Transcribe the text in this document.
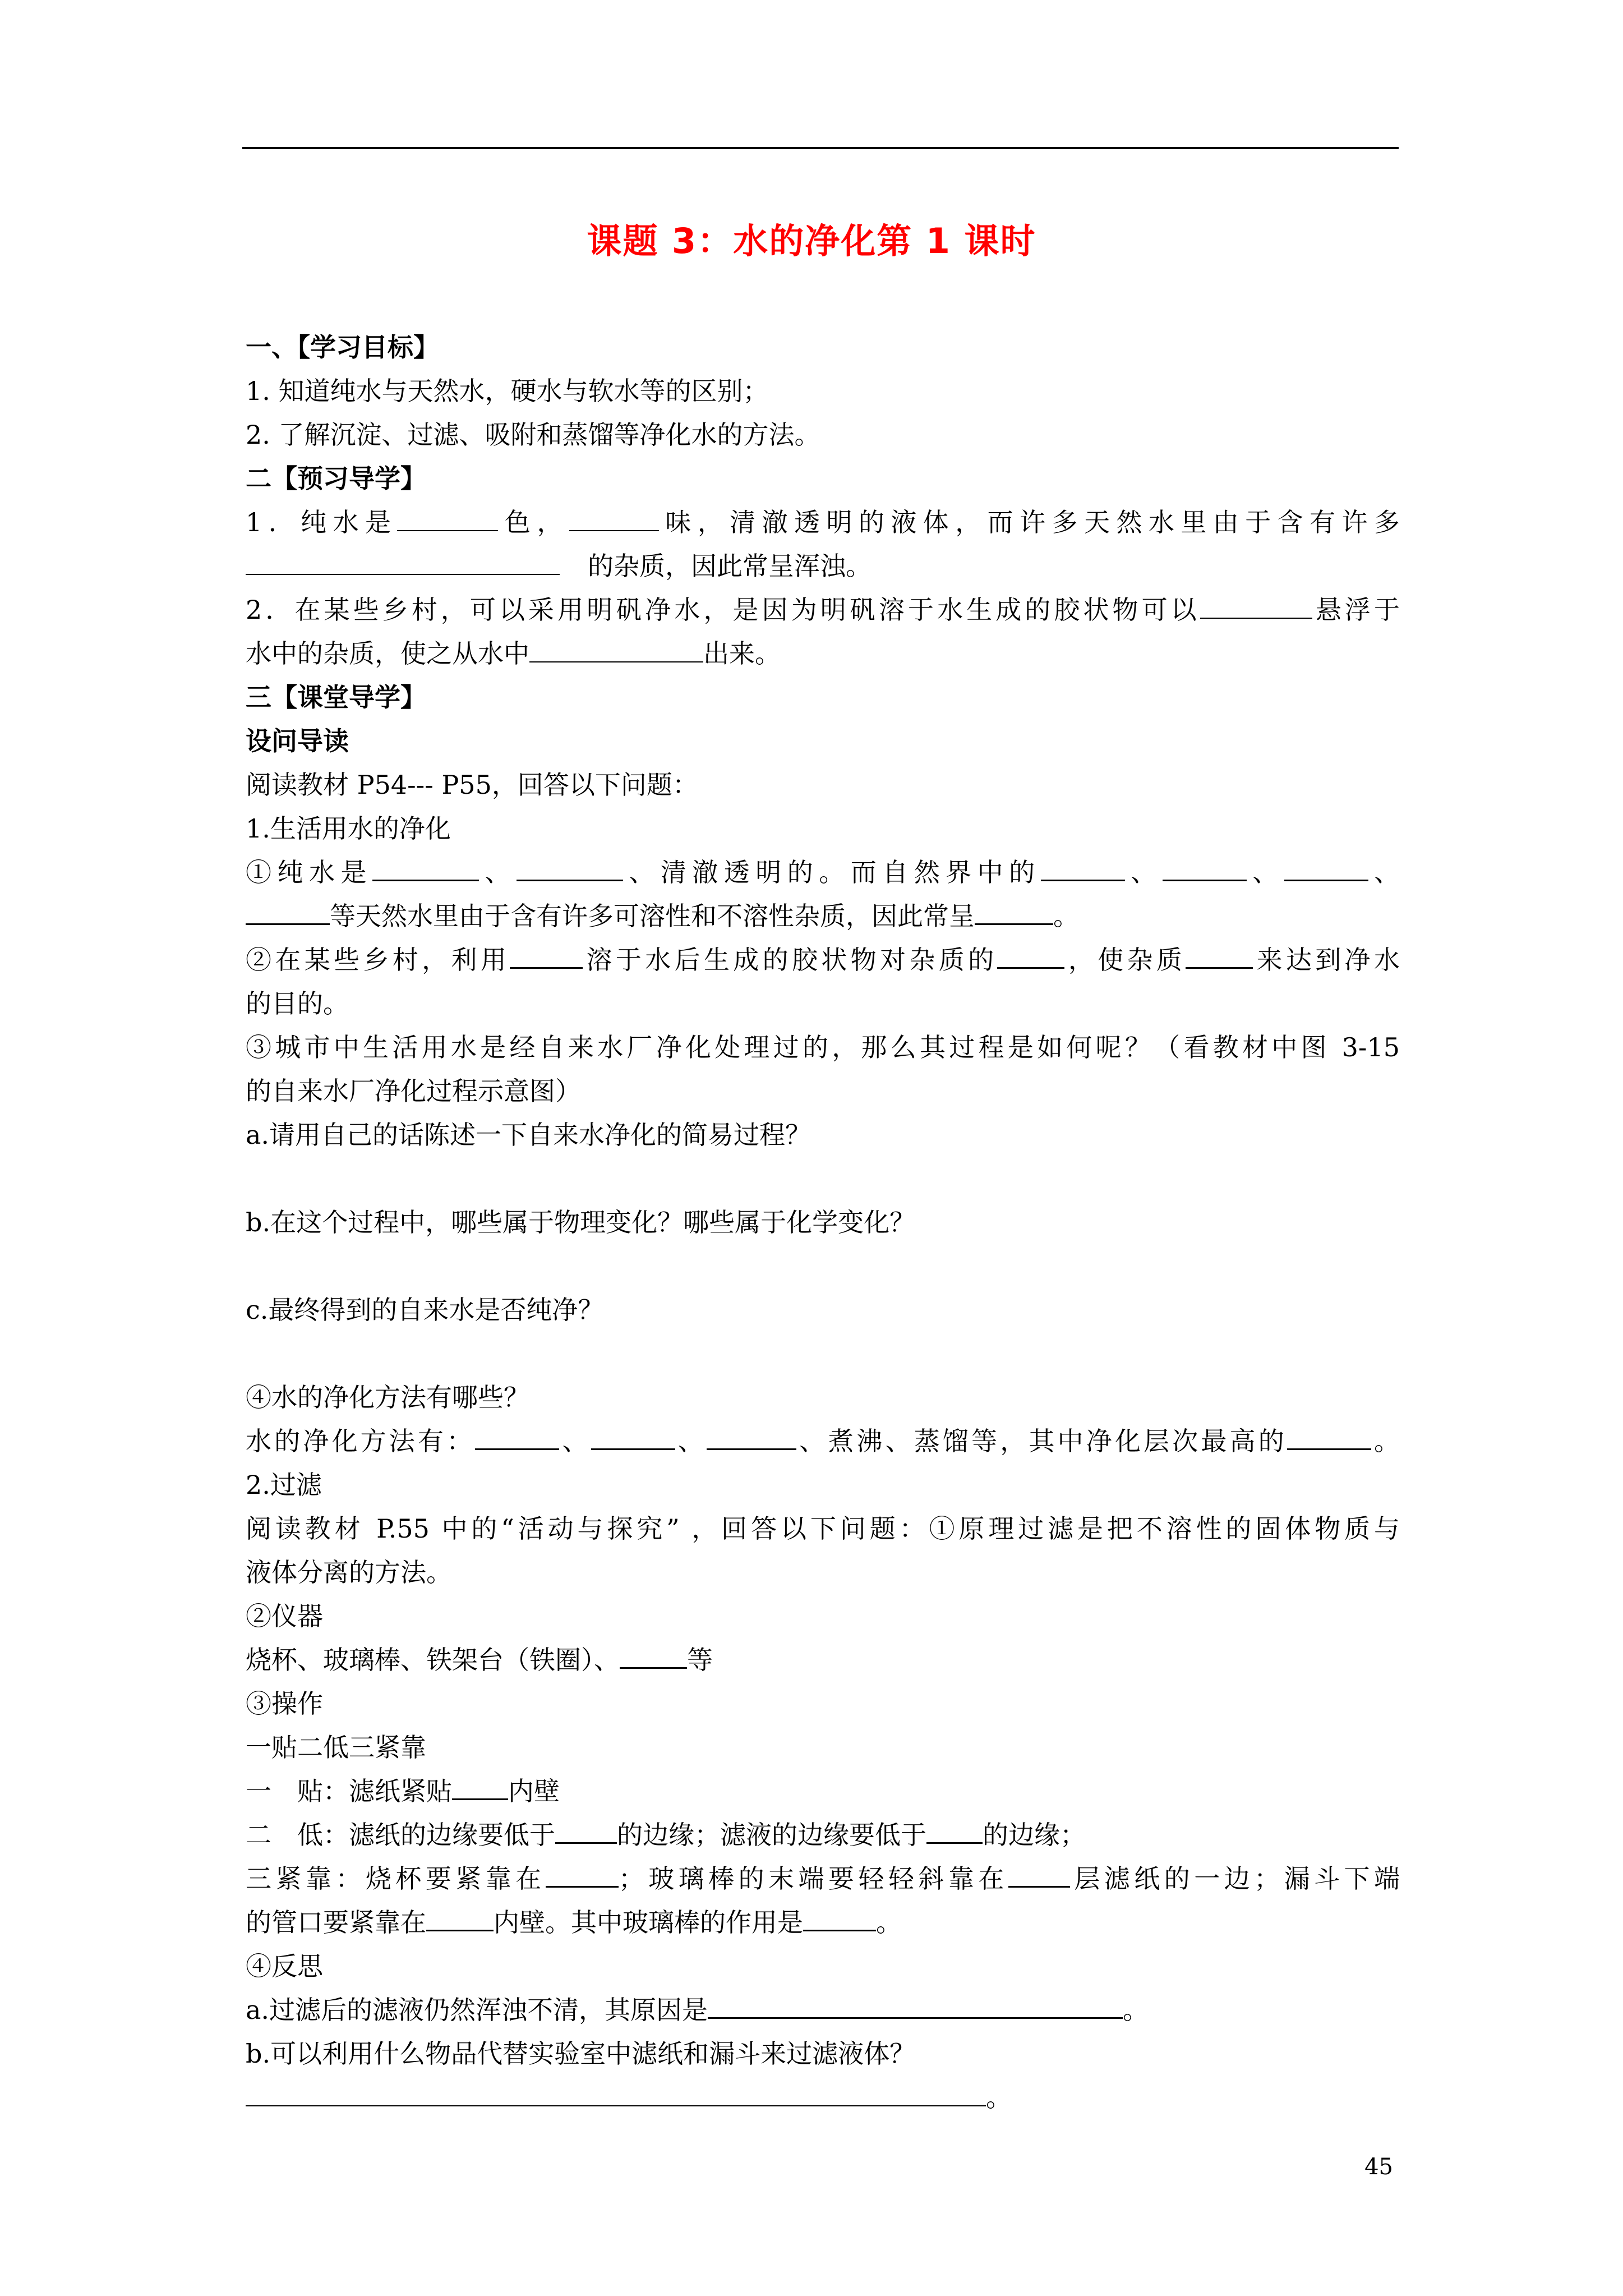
课题 3：水的净化第 1 课时
一、【学习目标】
1. 知道纯水与天然水，硬水与软水等的区别；
2. 了解沉淀、过滤、吸附和蒸馏等净化水的方法。
二【预习导学】
1．纯水是	色，	味，清澈透明的液体，而许多天然水里由于含有许多
的杂质，因此常呈浑浊。
2．在某些乡村，可以采用明矾净水，是因为明矾溶于水生成的胶状物可以	悬浮于
水中的杂质，使之从水中	出来。
三【课堂导学】
设问导读
阅读教材 P54--- P55，回答以下问题：
1.生活用水的净化
①纯水是	、	、清澈透明的。而自然界中的	、	、	、
等天然水里由于含有许多可溶性和不溶性杂质，因此常呈	。
②在某些乡村，利用	溶于水后生成的胶状物对杂质的	，使杂质	来达到净水
的目的。
③城市中生活用水是经自来水厂净化处理过的，那么其过程是如何呢？（看教材中图 3-15
的自来水厂净化过程示意图）
a.请用自己的话陈述一下自来水净化的简易过程？
b.在这个过程中，哪些属于物理变化？哪些属于化学变化？
c.最终得到的自来水是否纯净？
④水的净化方法有哪些？
水的净化方法有：	、	、	、煮沸、蒸馏等，其中净化层次最高的	。
2.过滤
阅读教材 P.55 中的“活动与探究” ，回答以下问题：①原理过滤是把不溶性的固体物质与
液体分离的方法。
②仪器
烧杯、玻璃棒、铁架台（铁圈）、	等
③操作
一贴二低三紧靠
一　贴：滤纸紧贴 内壁
二　低：滤纸的边缘要低于 的边缘；滤液的边缘要低于 的边缘；
三紧靠：烧杯要紧靠在	；玻璃棒的末端要轻轻斜靠在 层滤纸的一边；漏斗下端
的管口要紧靠在	内壁。其中玻璃棒的作用是	。
④反思
a.过滤后的滤液仍然浑浊不清，其原因是	。
b.可以利用什么物品代替实验室中滤纸和漏斗来过滤液体？
。
45
